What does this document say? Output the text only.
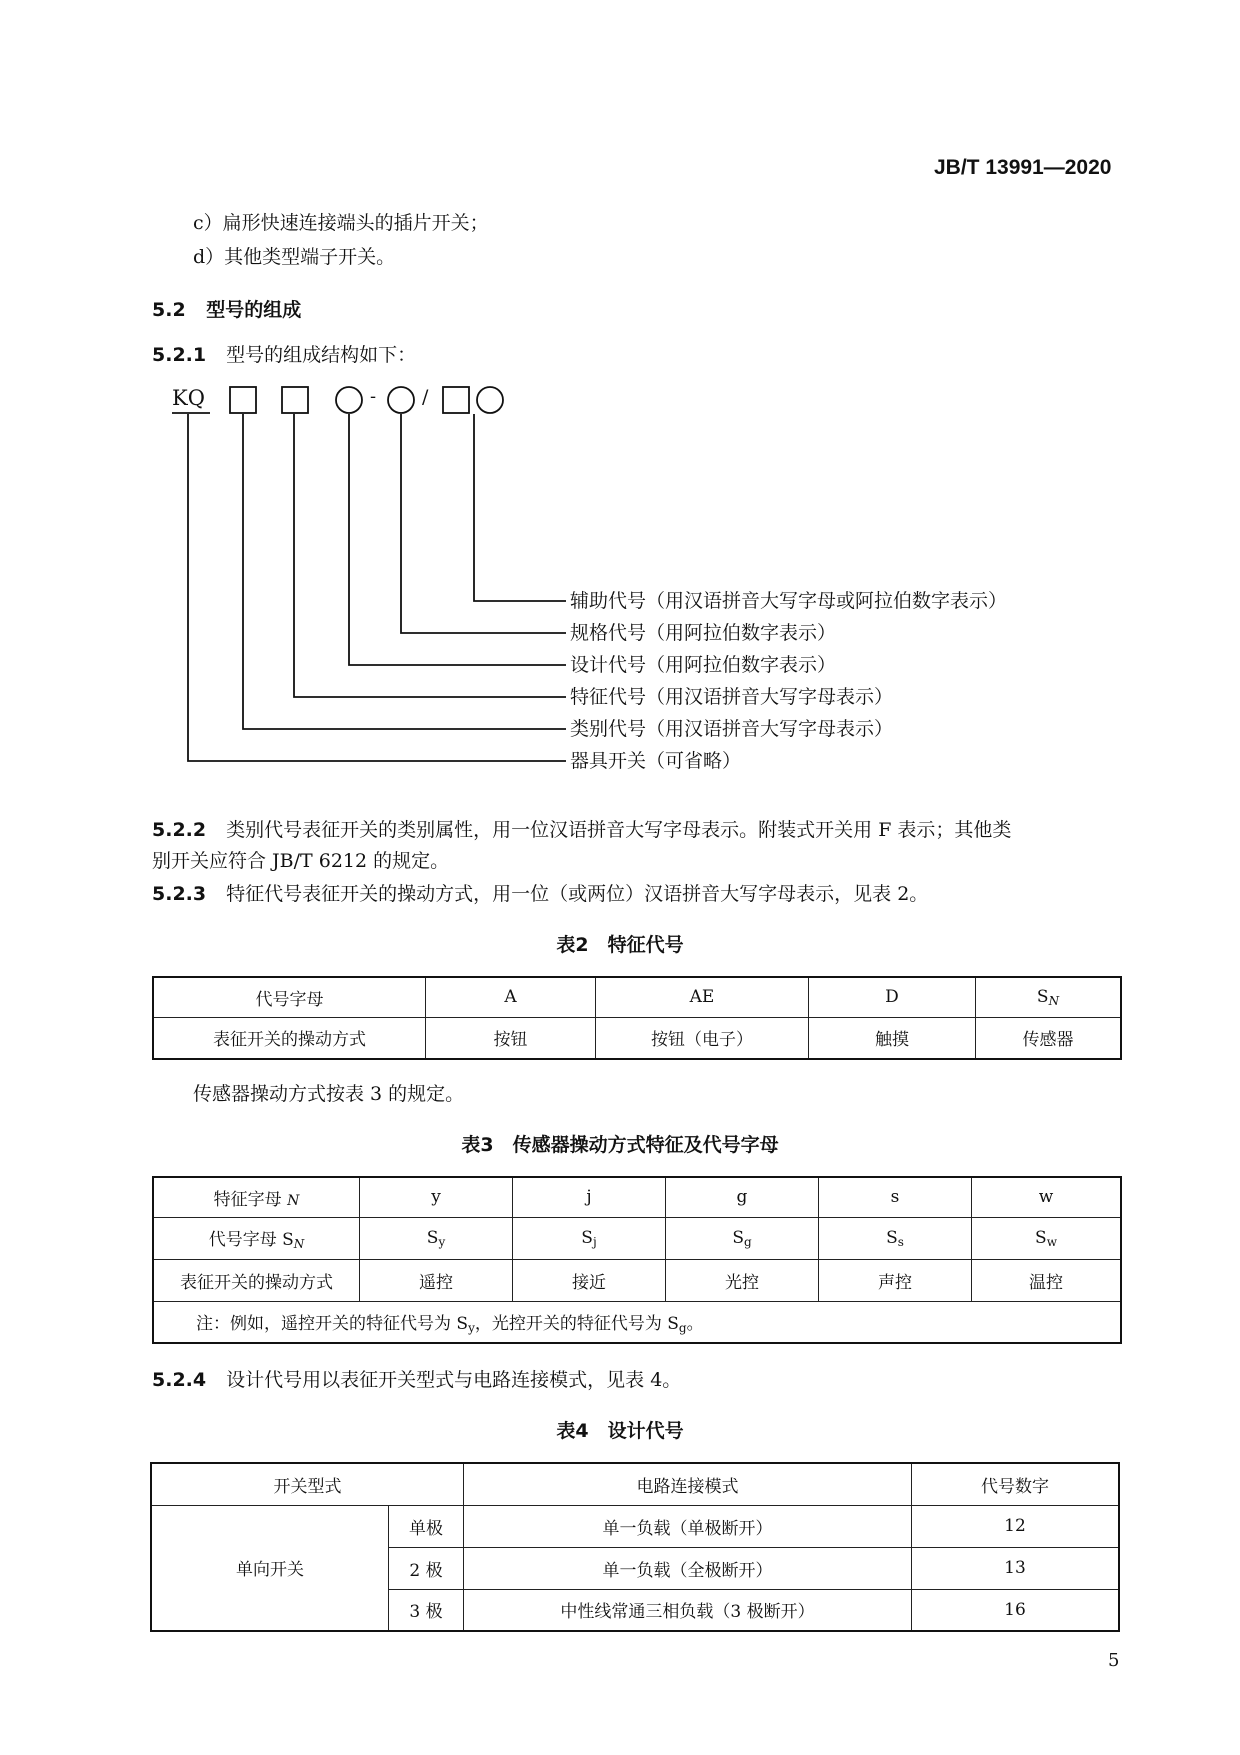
JB/T 13991—2020
c）扁形快速连接端头的插片开关；
d）其他类型端子开关。
5.2 型号的组成
5.2.1 型号的组成结构如下：
KQ	- /
辅助代号（用汉语拼音大写字母或阿拉伯数字表示）
规格代号（用阿拉伯数字表示）
设计代号（用阿拉伯数字表示）
特征代号（用汉语拼音大写字母表示）
类别代号（用汉语拼音大写字母表示）
器具开关（可省略）
5.2.2 类别代号表征开关的类别属性，用一位汉语拼音大写字母表示。附装式开关用 F 表示；其他类
别开关应符合 JB/T 6212 的规定。
5.2.3 特征代号表征开关的操动方式，用一位（或两位）汉语拼音大写字母表示，见表 2。
表2　特征代号
代号字母	A	AE	D	$S_N$
表征开关的操动方式	按钮	按钮（电子）	触摸	传感器
传感器操动方式按表 3 的规定。
表3　传感器操动方式特征及代号字母
特征字母 N	y	j	g	s	w
代号字母 $S_N$	$S_y$	$S_j$	$S_g$	$S_s$	$S_w$
表征开关的操动方式	遥控	接近	光控	声控	温控
注：例如，遥控开关的特征代号为 $S_y$，光控开关的特征代号为 $S_g$。					
5.2.4 设计代号用以表征开关型式与电路连接模式，见表 4。
表4　设计代号
开关型式		电路连接模式	代号数字
单向开关	单极	单一负载（单极断开）	12
	2 极	单一负载（全极断开）	13
	3 极	中性线常通三相负载（3 极断开）	16
5
